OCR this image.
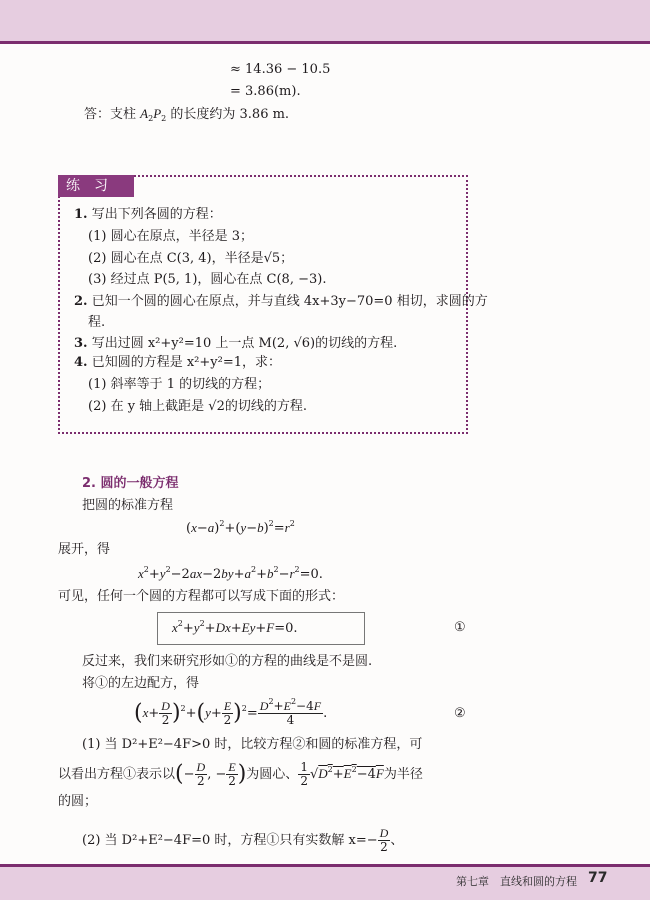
≈ 14.36 − 10.5
= 3.86(m).
答：支柱 $A_2P_2$ 的长度约为 3.86 m.
练习
1. 写出下列各圆的方程：
(1) 圆心在原点，半径是 3；
(2) 圆心在点 C(3, 4)，半径是√5；
(3) 经过点 P(5, 1)，圆心在点 C(8, −3).
2. 已知一个圆的圆心在原点，并与直线 4x+3y−70=0 相切，求圆的方
程.
3. 写出过圆 x²+y²=10 上一点 M(2, √6)的切线的方程.
4. 已知圆的方程是 x²+y²=1，求：
(1) 斜率等于 1 的切线的方程；
(2) 在 y 轴上截距是 √2的切线的方程.
2. 圆的一般方程
把圆的标准方程
$(x-a)^2+(y-b)^2=r^2$
展开，得
$x^2+y^2-2ax-2by+a^2+b^2-r^2=0$.
可见，任何一个圆的方程都可以写成下面的形式：
$x^2+y^2+Dx+Ey+F=0$.	①
反过来，我们来研究形如①的方程的曲线是不是圆.
将①的左边配方，得
$(x+ \frac{D}{2} )^2+(y+ \frac{E}{2} )^2= \frac{D^2+E^2-4F}{4}$ .	②
(1) 当 D²+E²−4F>0 时，比较方程②和圆的标准方程，可
以看出方程①表示以(− $\frac{D}{2}$ , − $\frac{E}{2}$ )为圆心、 $\frac{1}{2} √D^2+E^2-4F$为半径
的圆；
(2) 当 D²+E²−4F=0 时，方程①只有实数解 $x=- \frac{D}{2}$ 、
第七章　直线和圆的方程 77
